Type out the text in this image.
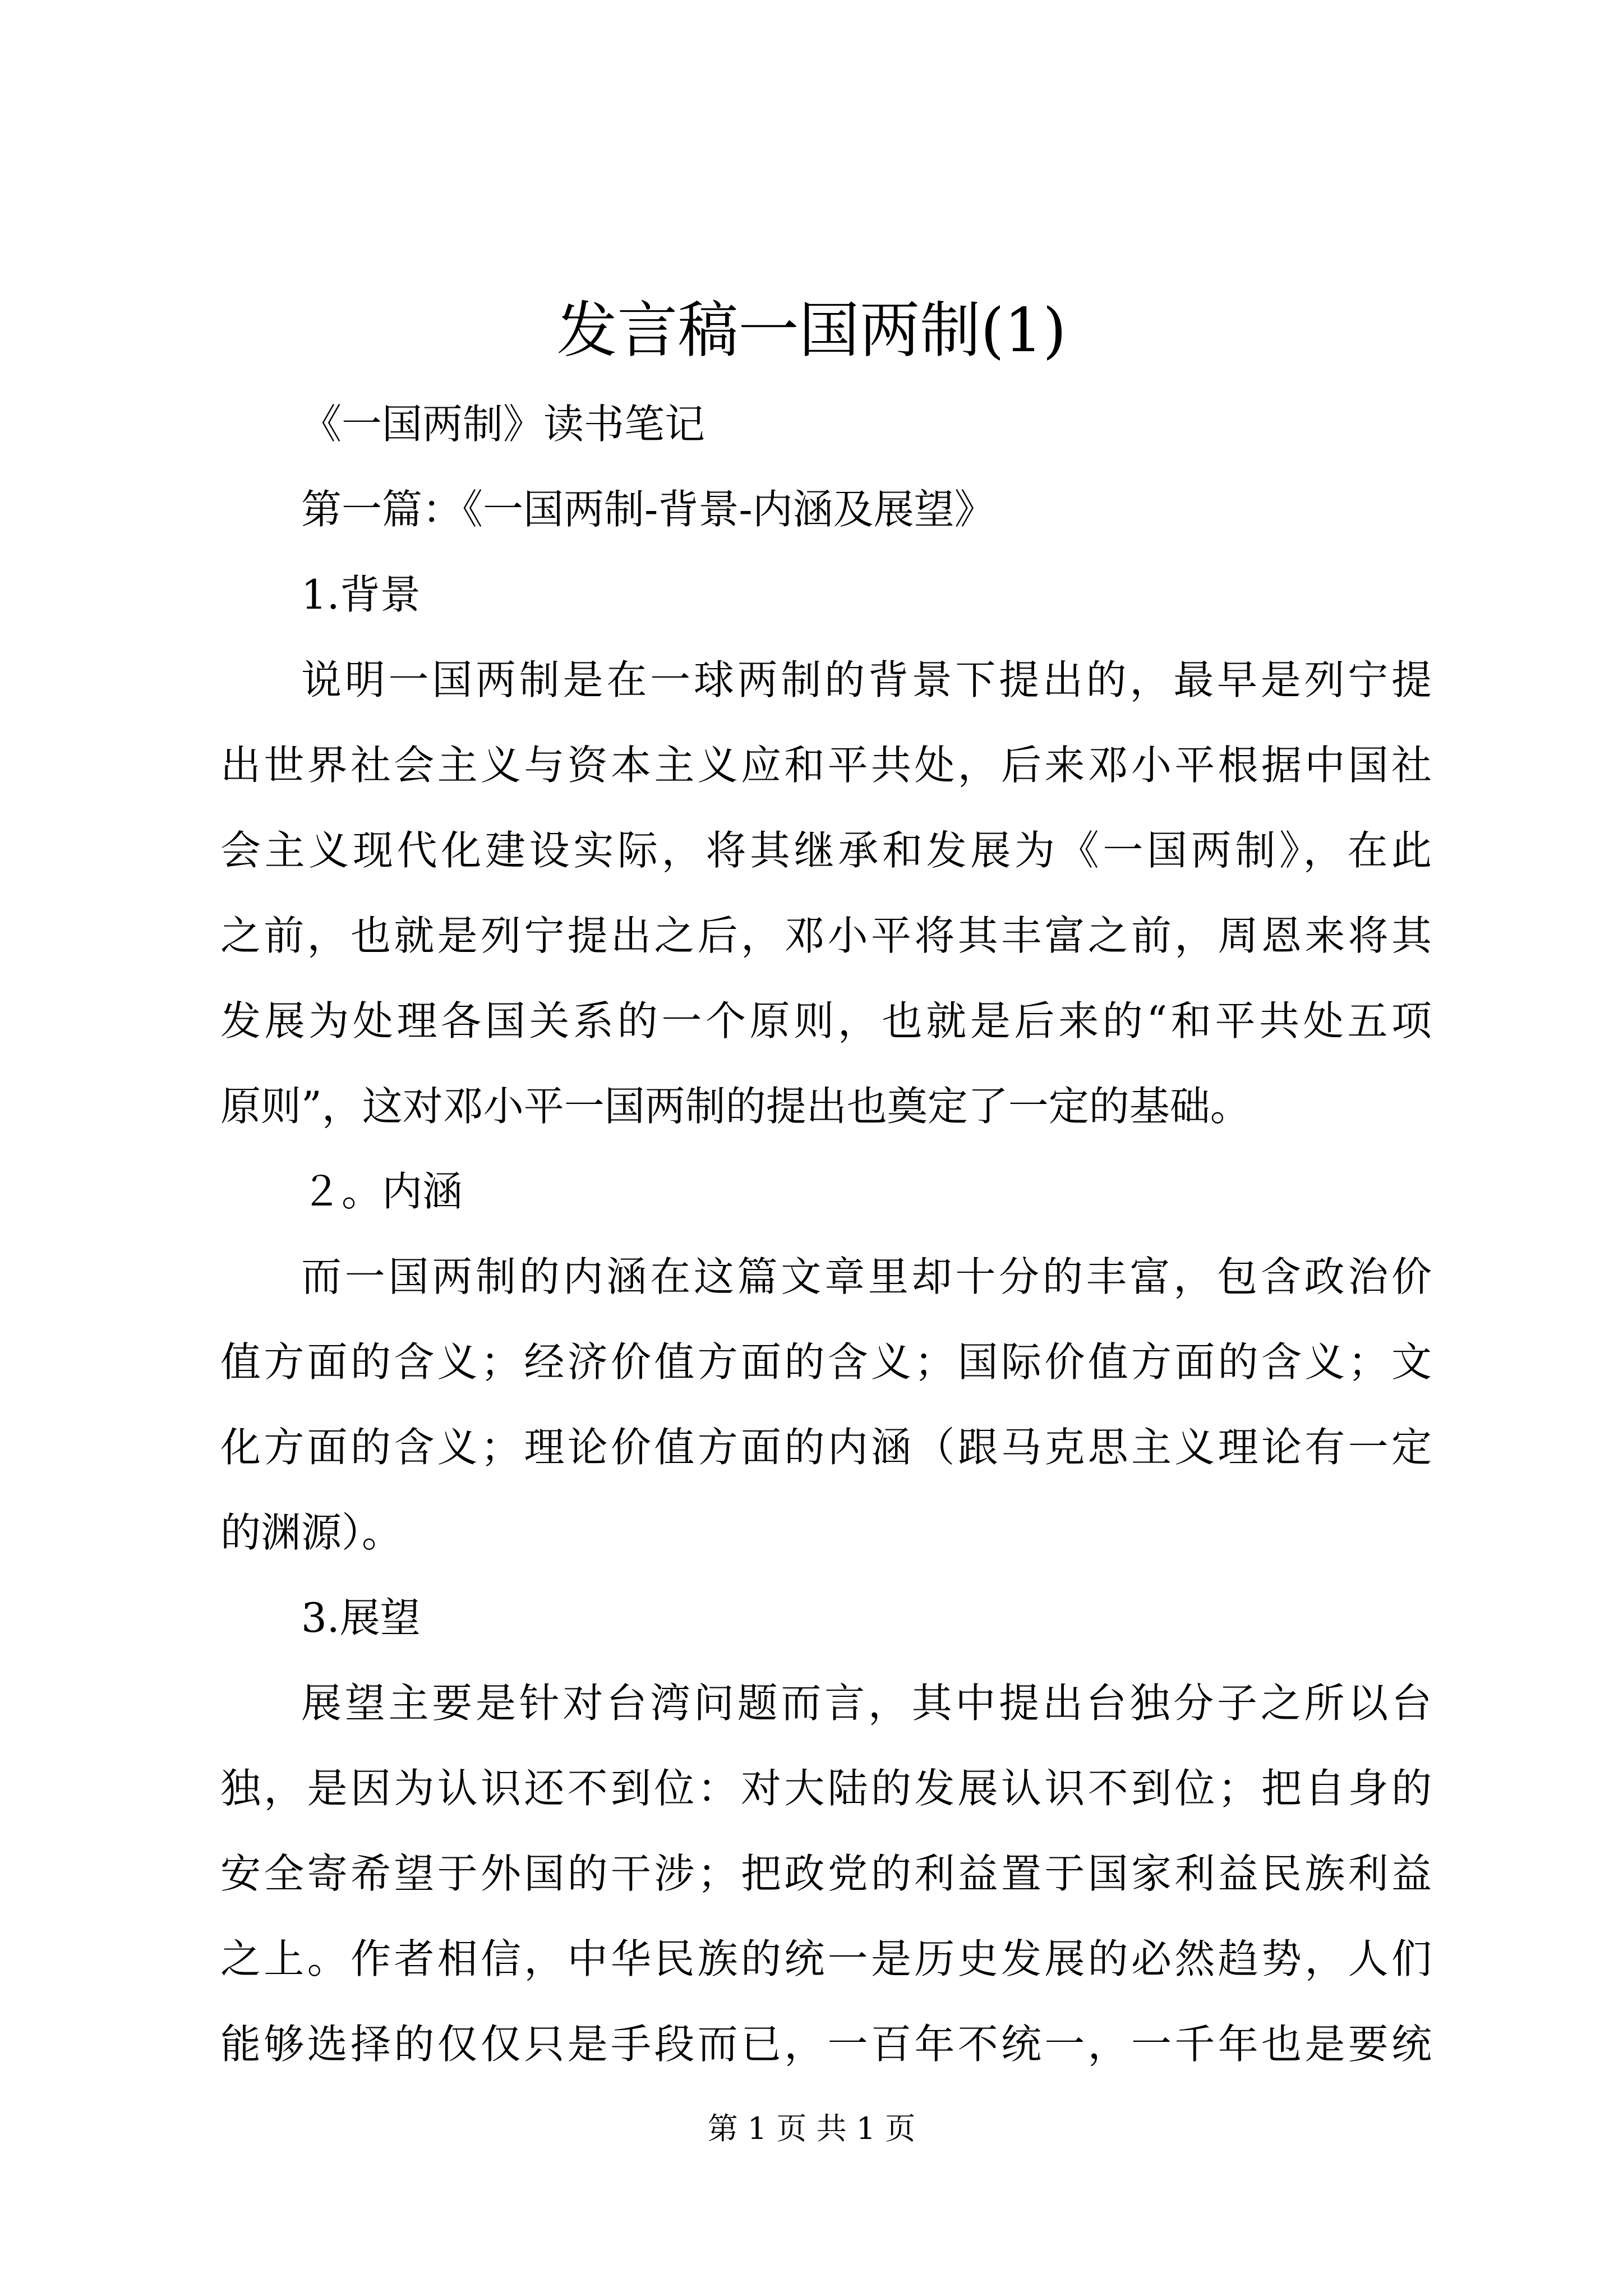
发言稿一国两制(1)
《一国两制》读书笔记
第一篇：《一国两制-背景-内涵及展望》
1.背景
说明一国两制是在一球两制的背景下提出的，最早是列宁提
出世界社会主义与资本主义应和平共处，后来邓小平根据中国社
会主义现代化建设实际，将其继承和发展为《一国两制》，在此
之前，也就是列宁提出之后，邓小平将其丰富之前，周恩来将其
发展为处理各国关系的一个原则，也就是后来的“和平共处五项
原则”，这对邓小平一国两制的提出也奠定了一定的基础。
２。内涵
而一国两制的内涵在这篇文章里却十分的丰富，包含政治价
值方面的含义；经济价值方面的含义；国际价值方面的含义；文
化方面的含义；理论价值方面的内涵（跟马克思主义理论有一定
的渊源）。
3.展望
展望主要是针对台湾问题而言，其中提出台独分子之所以台
独，是因为认识还不到位：对大陆的发展认识不到位；把自身的
安全寄希望于外国的干涉；把政党的利益置于国家利益民族利益
之上。作者相信，中华民族的统一是历史发展的必然趋势，人们
能够选择的仅仅只是手段而已，一百年不统一，一千年也是要统
第 1 页 共 1 页
